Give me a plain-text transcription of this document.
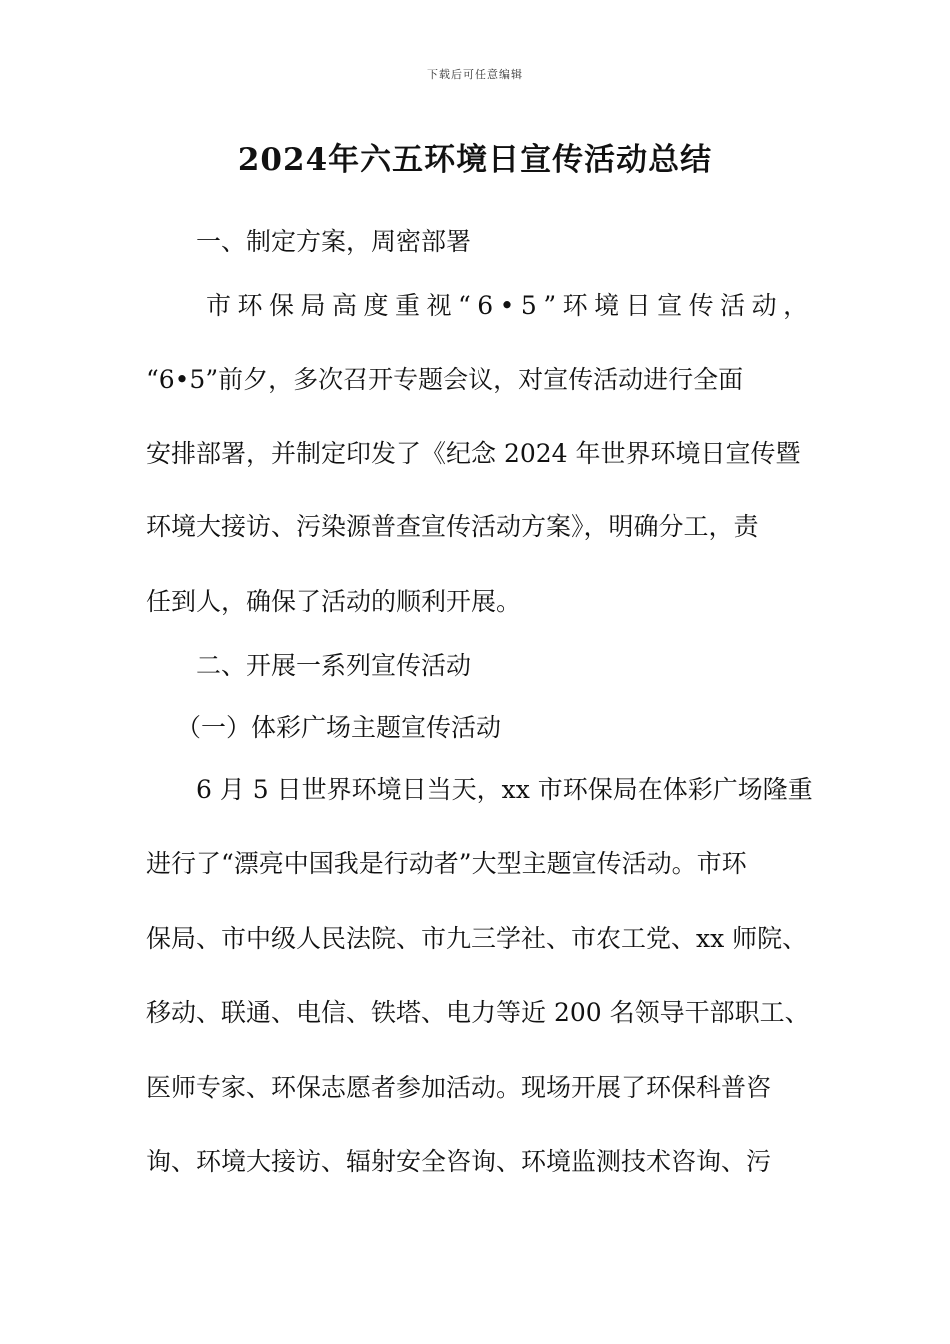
下载后可任意编辑
2024年六五环境日宣传活动总结
一、制定方案，周密部署
市环保局高度重视“6•5”环境日宣传活动，
“6•5”前夕，多次召开专题会议，对宣传活动进行全面
安排部署，并制定印发了《纪念 2024 年世界环境日宣传暨
环境大接访、污染源普查宣传活动方案》，明确分工，责
任到人，确保了活动的顺利开展。
二、开展一系列宣传活动
（一）体彩广场主题宣传活动
6 月 5 日世界环境日当天，xx 市环保局在体彩广场隆重
进行了“漂亮中国我是行动者”大型主题宣传活动。市环
保局、市中级人民法院、市九三学社、市农工党、xx 师院、
移动、联通、电信、铁塔、电力等近 200 名领导干部职工、
医师专家、环保志愿者参加活动。现场开展了环保科普咨
询、环境大接访、辐射安全咨询、环境监测技术咨询、污
